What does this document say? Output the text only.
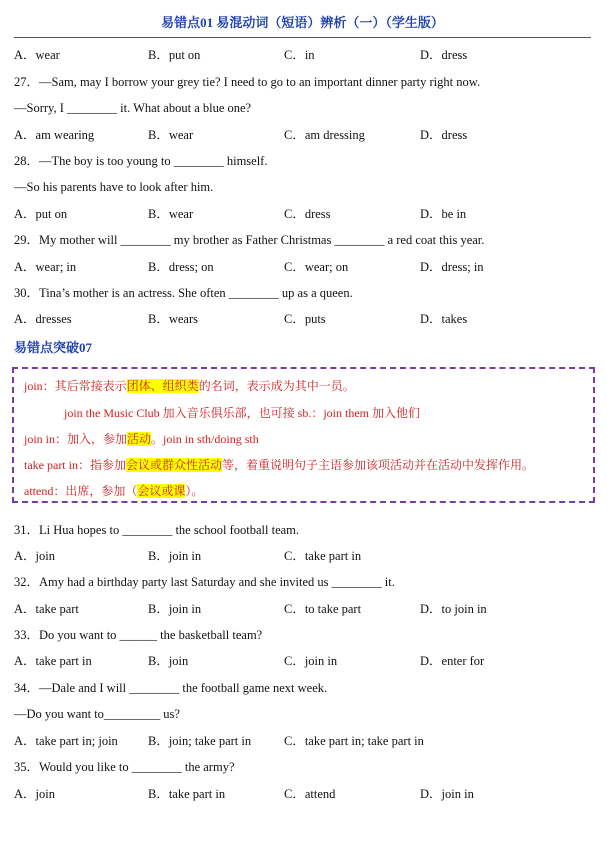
易错点01 易混动词（短语）辨析（一）（学生版）
A．wear	B．put on	C．in	D．dress
27．—Sam, may I borrow your grey tie? I need to go to an important dinner party right now.
—Sorry, I ________ it. What about a blue one?
A．am wearing	B．wear	C．am dressing	D．dress
28．—The boy is too young to ________ himself.
—So his parents have to look after him.
A．put on	B．wear	C．dress	D．be in
29．My mother will ________ my brother as Father Christmas ________ a red coat this year.
A．wear; in	B．dress; on	C．wear; on	D．dress; in
30．Tina’s mother is an actress. She often ________ up as a queen.
A．dresses	B．wears	C．puts	D．takes
易错点突破07
join：其后常接表示团体、组织类的名词，表示成为其中一员。
join the Music Club 加入音乐俱乐部，也可接 sb.：join them 加入他们
join in：加入，参加活动。join in sth/doing sth
take part in：指参加会议或群众性活动等，着重说明句子主语参加该项活动并在活动中发挥作用。
attend：出席，参加（会议或课）。
31．Li Hua hopes to ________ the school football team.
A．join	B．join in	C．take part in
32．Amy had a birthday party last Saturday and she invited us ________ it.
A．take part	B．join in	C．to take part	D．to join in
33．Do you want to ______ the basketball team?
A．take part in	B．join	C．join in	D．enter for
34．—Dale and I will ________ the football game next week.
—Do you want to_________ us?
A．take part in; join B．join; take part in	C．take part in; take part in
35．Would you like to ________ the army?
A．join	B．take part in	C．attend	D．join in
